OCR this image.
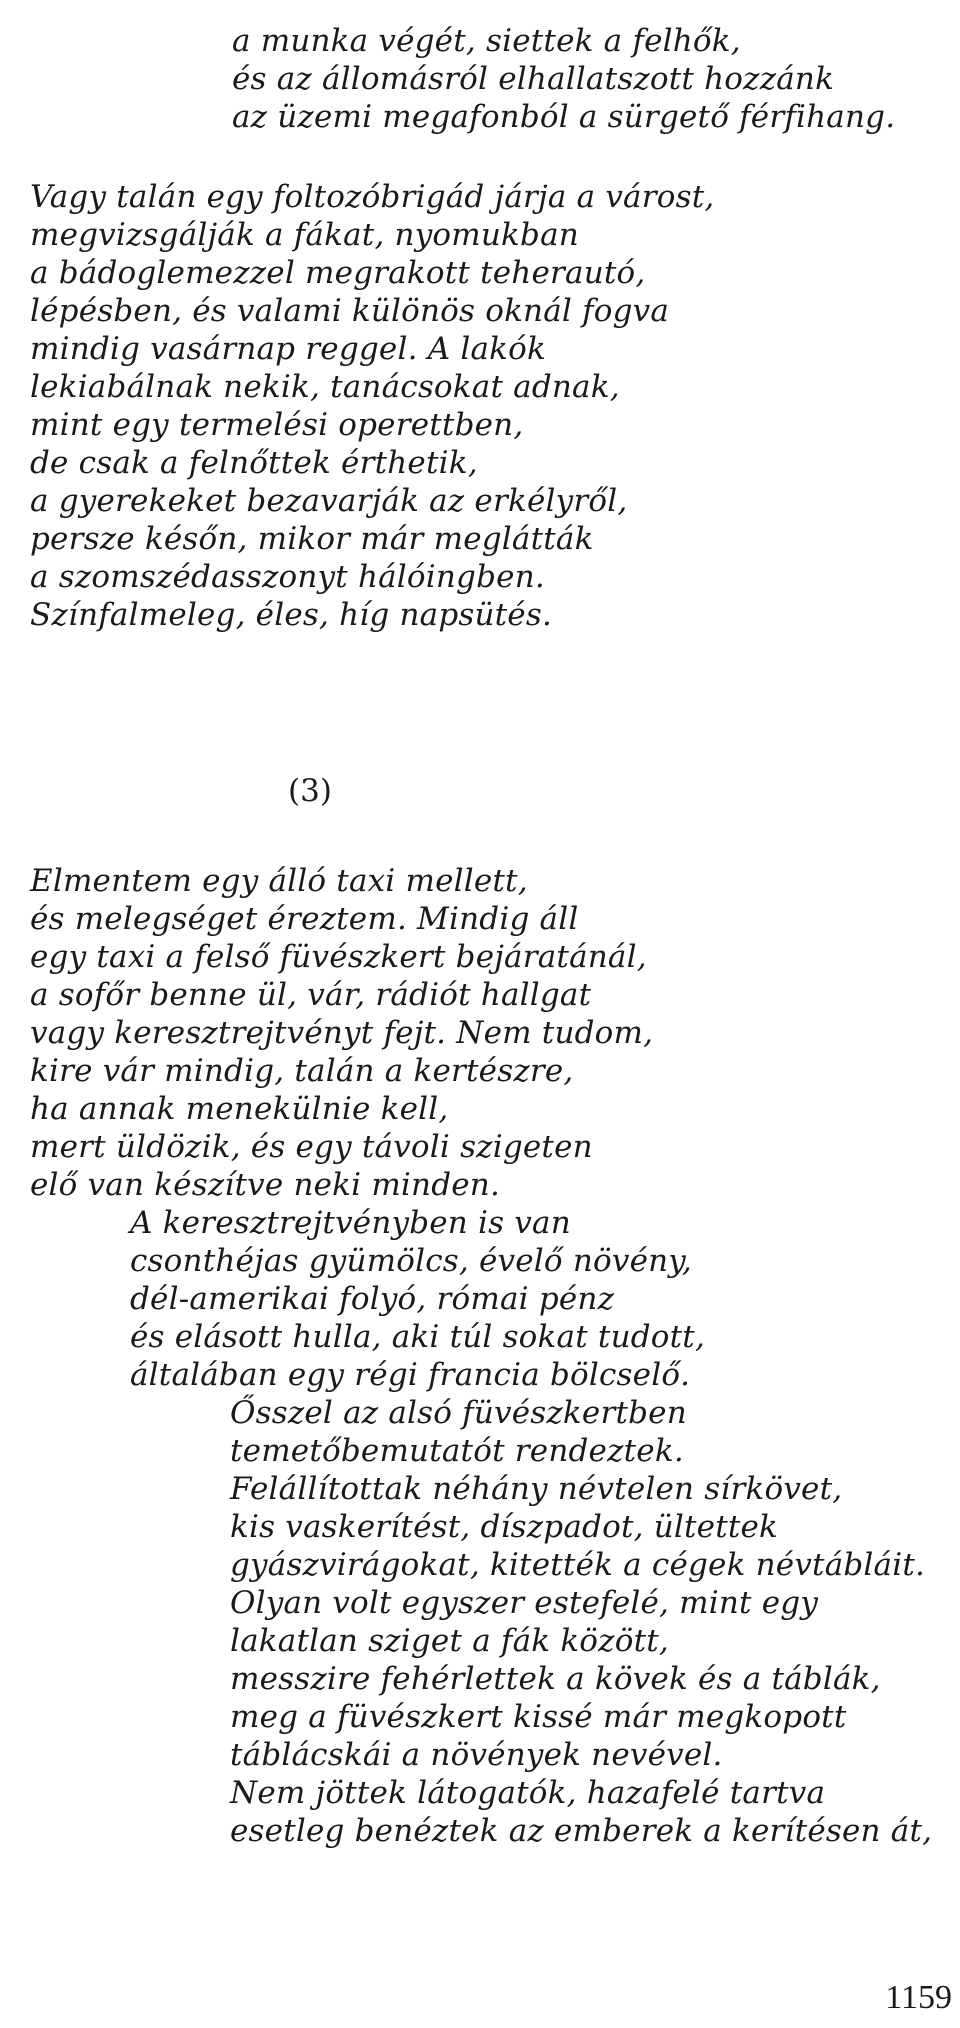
a munka végét, siettek a felhők,
és az állomásról elhallatszott hozzánk
az üzemi megafonból a sürgető férfihang.
Vagy talán egy foltozóbrigád járja a várost,
megvizsgálják a fákat, nyomukban
a bádoglemezzel megrakott teherautó,
lépésben, és valami különös oknál fogva
mindig vasárnap reggel. A lakók
lekiabálnak nekik, tanácsokat adnak,
mint egy termelési operettben,
de csak a felnőttek érthetik,
a gyerekeket bezavarják az erkélyről,
persze későn, mikor már meglátták
a szomszédasszonyt hálóingben.
Színfalmeleg, éles, híg napsütés.
(3)
Elmentem egy álló taxi mellett,
és melegséget éreztem. Mindig áll
egy taxi a felső füvészkert bejáratánál,
a sofőr benne ül, vár, rádiót hallgat
vagy keresztrejtvényt fejt. Nem tudom,
kire vár mindig, talán a kertészre,
ha annak menekülnie kell,
mert üldözik, és egy távoli szigeten
elő van készítve neki minden.
A keresztrejtvényben is van
csonthéjas gyümölcs, évelő növény,
dél-amerikai folyó, római pénz
és elásott hulla, aki túl sokat tudott,
általában egy régi francia bölcselő.
Ősszel az alsó füvészkertben
temetőbemutatót rendeztek.
Felállítottak néhány névtelen sírkövet,
kis vaskerítést, díszpadot, ültettek
gyászvirágokat, kitették a cégek névtábláit.
Olyan volt egyszer estefelé, mint egy
lakatlan sziget a fák között,
messzire fehérlettek a kövek és a táblák,
meg a füvészkert kissé már megkopott
táblácskái a növények nevével.
Nem jöttek látogatók, hazafelé tartva
esetleg benéztek az emberek a kerítésen át,
1159
